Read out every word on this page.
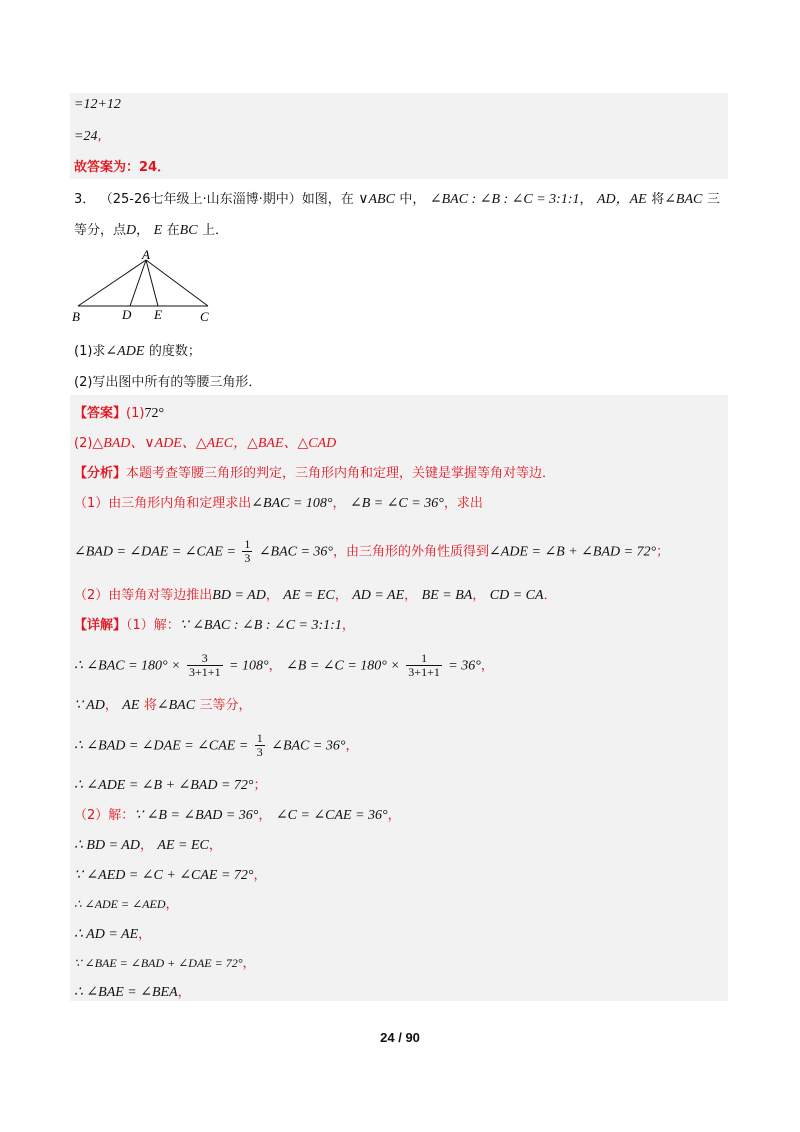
=12+12
=24,
故答案为：24．
3． （25-26七年级上·山东淄博·期中）如图，在 ∨ABC 中， ∠BAC : ∠B : ∠C = 3:1:1， AD，AE 将∠BAC 三
等分，点D， E 在BC 上．
A
B	D E	C
(1)求∠ADE 的度数；
(2)写出图中所有的等腰三角形．
【答案】(1)72°
(2)△BAD、∨ADE、△AEC，△BAE、△CAD
【分析】本题考查等腰三角形的判定，三角形内角和定理，关键是掌握等角对等边．
（1）由三角形内角和定理求出∠BAC = 108°， ∠B = ∠C = 36°，求出
∠BAD = ∠DAE = ∠CAE = $\frac{1}{3}$ ∠BAC = 36°，由三角形的外角性质得到∠ADE = ∠B + ∠BAD = 72°；
（2）由等角对等边推出BD = AD， AE = EC， AD = AE， BE = BA， CD = CA．
【详解】（1）解：∵ ∠BAC : ∠B : ∠C = 3:1:1，
∴ ∠BAC = $180^\circ \times \frac{3}{3+1+1} = 108^\circ$， ∠B = ∠C = $180^\circ \times \frac{1}{3+1+1} = 36^\circ$，
∵ AD， AE 将∠BAC 三等分，
∴ ∠BAD = ∠DAE = ∠CAE = $\frac{1}{3}$ ∠BAC = 36°，
∴ ∠ADE = ∠B + ∠BAD = 72°；
（2）解：∵ ∠B = ∠BAD = 36°， ∠C = ∠CAE = 36°，
∴ BD = AD， AE = EC，
∵ ∠AED = ∠C + ∠CAE = 72°，
∴ ∠ADE = ∠AED，
∴ AD = AE，
∵ ∠BAE = ∠BAD + ∠DAE = 72°，
∴ ∠BAE = ∠BEA，
24 / 90
